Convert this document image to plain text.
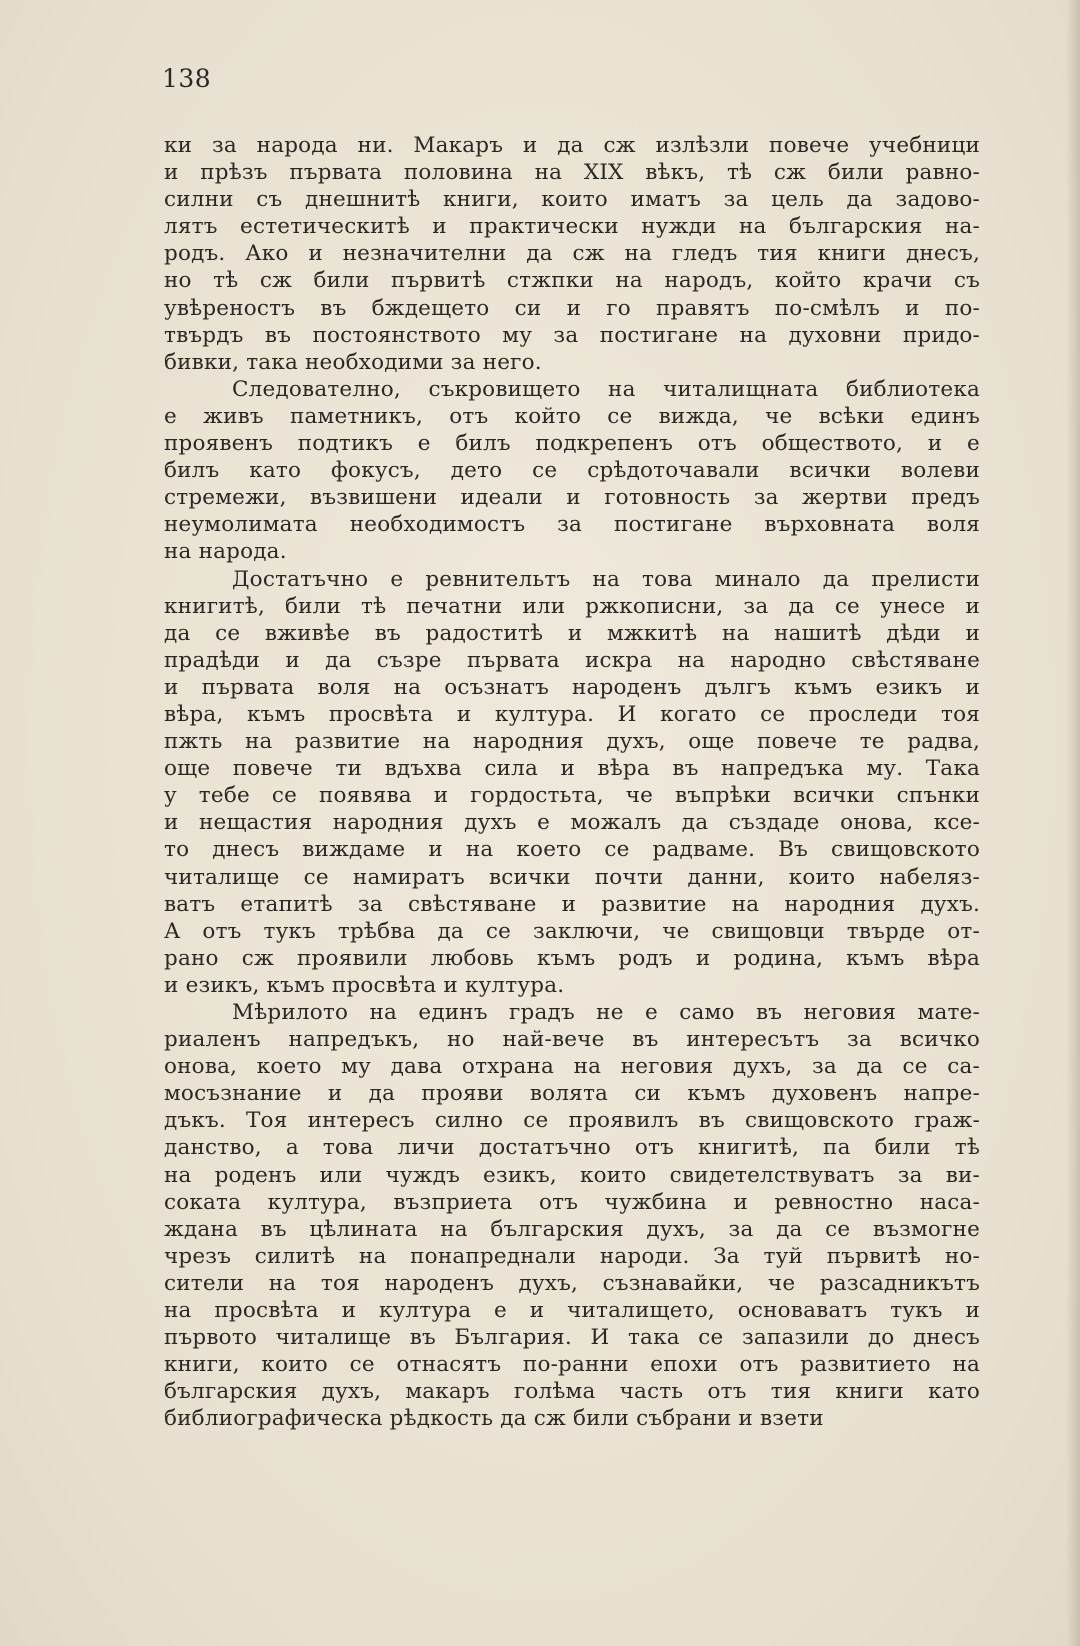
138

ки за народа ни. Макаръ и да сж излѣзли повече учебници
и прѣзъ първата половина на XIX вѣкъ, тѣ сж били равно-
силни съ днешнитѣ книги, които иматъ за цель да задово-
лятъ естетическитѣ и практически нужди на българския на-
родъ. Ако и незначителни да сж на гледъ тия книги днесъ,
но тѣ сж били първитѣ стжпки на народъ, който крачи съ
увѣреностъ въ бждещето си и го правятъ по-смѣлъ и по-
твърдъ въ постоянството му за постигане на духовни придо-
бивки, така необходими за него.
Следователно, съкровището на читалищната библиотека
е живъ паметникъ, отъ който се вижда, че всѣки единъ
проявенъ подтикъ е билъ подкрепенъ отъ обществото, и е
билъ като фокусъ, дето се срѣдоточавали всички волеви
стремежи, възвишени идеали и готовность за жертви предъ
неумолимата необходимостъ за постигане върховната воля
на народа.
Достатъчно е ревнительтъ на това минало да прелисти
книгитѣ, били тѣ печатни или ржкописни, за да се унесе и
да се вживѣе въ радоститѣ и мжкитѣ на нашитѣ дѣди и
прадѣди и да съзре първата искра на народно свѣстяване
и първата воля на осъзнатъ народенъ дългъ къмъ езикъ и
вѣра, къмъ просвѣта и култура. И когато се проследи тоя
пжть на развитие на народния духъ, още повече те радва,
още повече ти вдъхва сила и вѣра въ напредъка му. Така
у тебе се появява и гордостьта, че въпрѣки всички спънки
и нещастия народния духъ е можалъ да създаде онова, ксе-
то днесъ виждаме и на което се радваме. Въ свищовското
читалище се намиратъ всички почти данни, които набеляз-
ватъ етапитѣ за свѣстяване и развитие на народния духъ.
А отъ тукъ трѣбва да се заключи, че свищовци твърде от-
рано сж проявили любовь къмъ родъ и родина, къмъ вѣра
и езикъ, къмъ просвѣта и култура.
Мѣрилото на единъ градъ не е само въ неговия мате-
риаленъ напредъкъ, но най-вече въ интересътъ за всичко
онова, което му дава отхрана на неговия духъ, за да се са-
мосъзнание и да прояви волята си къмъ духовенъ напре-
дъкъ. Тоя интересъ силно се проявилъ въ свищовското граж-
данство, а това личи достатъчно отъ книгитѣ, па били тѣ
на роденъ или чуждъ езикъ, които свидетелствуватъ за ви-
соката култура, възприета отъ чужбина и ревностно наса-
ждана въ цѣлината на българския духъ, за да се възмогне
чрезъ силитѣ на понапреднали народи. За туй първитѣ но-
сители на тоя народенъ духъ, съзнавайки, че разсадникътъ
на просвѣта и култура е и читалището, основаватъ тукъ и
първото читалище въ България. И така се запазили до днесъ
книги, които се отнасятъ по-ранни епохи отъ развитието на
българския духъ, макаръ голѣма часть отъ тия книги като
библиографическа рѣдкость да сж били събрани и взети
